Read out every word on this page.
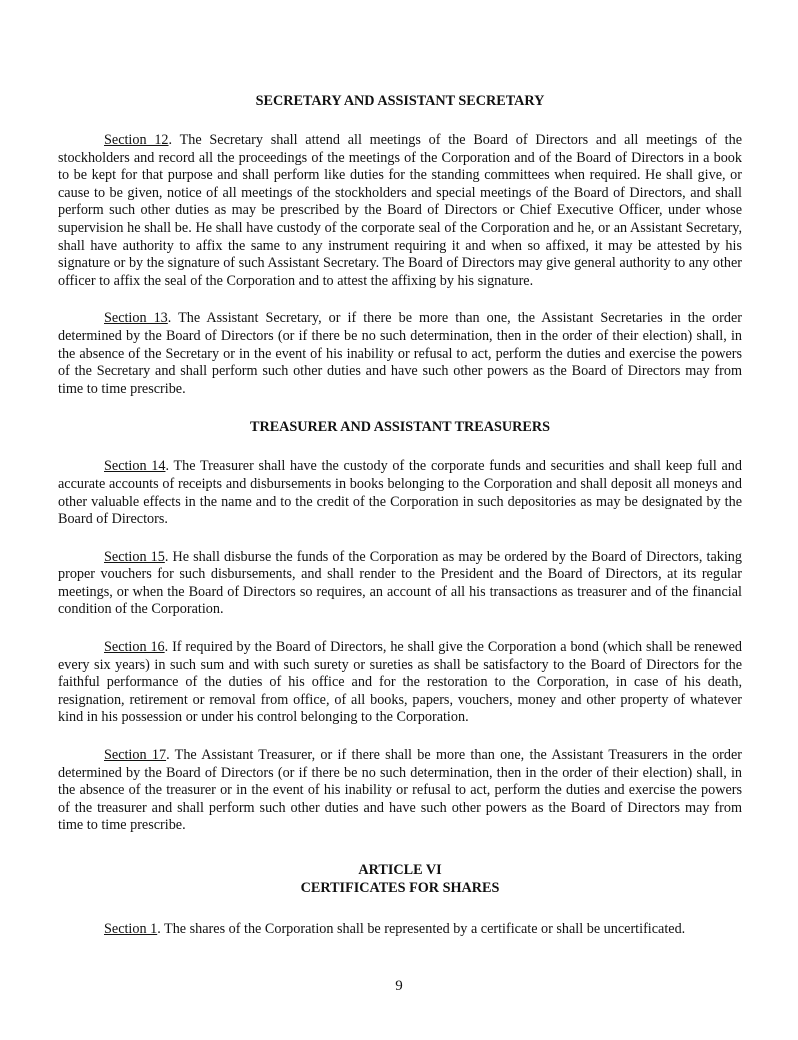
SECRETARY AND ASSISTANT SECRETARY

Section 12. The Secretary shall attend all meetings of the Board of Directors and all meetings of the stockholders and record all the proceedings of the meetings of the Corporation and of the Board of Directors in a book to be kept for that purpose and shall perform like duties for the standing committees when required. He shall give, or cause to be given, notice of all meetings of the stockholders and special meetings of the Board of Directors, and shall perform such other duties as may be prescribed by the Board of Directors or Chief Executive Officer, under whose supervision he shall be. He shall have custody of the corporate seal of the Corporation and he, or an Assistant Secretary, shall have authority to affix the same to any instrument requiring it and when so affixed, it may be attested by his signature or by the signature of such Assistant Secretary. The Board of Directors may give general authority to any other officer to affix the seal of the Corporation and to attest the affixing by his signature.

Section 13. The Assistant Secretary, or if there be more than one, the Assistant Secretaries in the order determined by the Board of Directors (or if there be no such determination, then in the order of their election) shall, in the absence of the Secretary or in the event of his inability or refusal to act, perform the duties and exercise the powers of the Secretary and shall perform such other duties and have such other powers as the Board of Directors may from time to time prescribe.

TREASURER AND ASSISTANT TREASURERS

Section 14. The Treasurer shall have the custody of the corporate funds and securities and shall keep full and accurate accounts of receipts and disbursements in books belonging to the Corporation and shall deposit all moneys and other valuable effects in the name and to the credit of the Corporation in such depositories as may be designated by the Board of Directors.

Section 15. He shall disburse the funds of the Corporation as may be ordered by the Board of Directors, taking proper vouchers for such disbursements, and shall render to the President and the Board of Directors, at its regular meetings, or when the Board of Directors so requires, an account of all his transactions as treasurer and of the financial condition of the Corporation.

Section 16. If required by the Board of Directors, he shall give the Corporation a bond (which shall be renewed every six years) in such sum and with such surety or sureties as shall be satisfactory to the Board of Directors for the faithful performance of the duties of his office and for the restoration to the Corporation, in case of his death, resignation, retirement or removal from office, of all books, papers, vouchers, money and other property of whatever kind in his possession or under his control belonging to the Corporation.

Section 17. The Assistant Treasurer, or if there shall be more than one, the Assistant Treasurers in the order determined by the Board of Directors (or if there be no such determination, then in the order of their election) shall, in the absence of the treasurer or in the event of his inability or refusal to act, perform the duties and exercise the powers of the treasurer and shall perform such other duties and have such other powers as the Board of Directors may from time to time prescribe.

ARTICLE VI
CERTIFICATES FOR SHARES

Section 1. The shares of the Corporation shall be represented by a certificate or shall be uncertificated.

9
